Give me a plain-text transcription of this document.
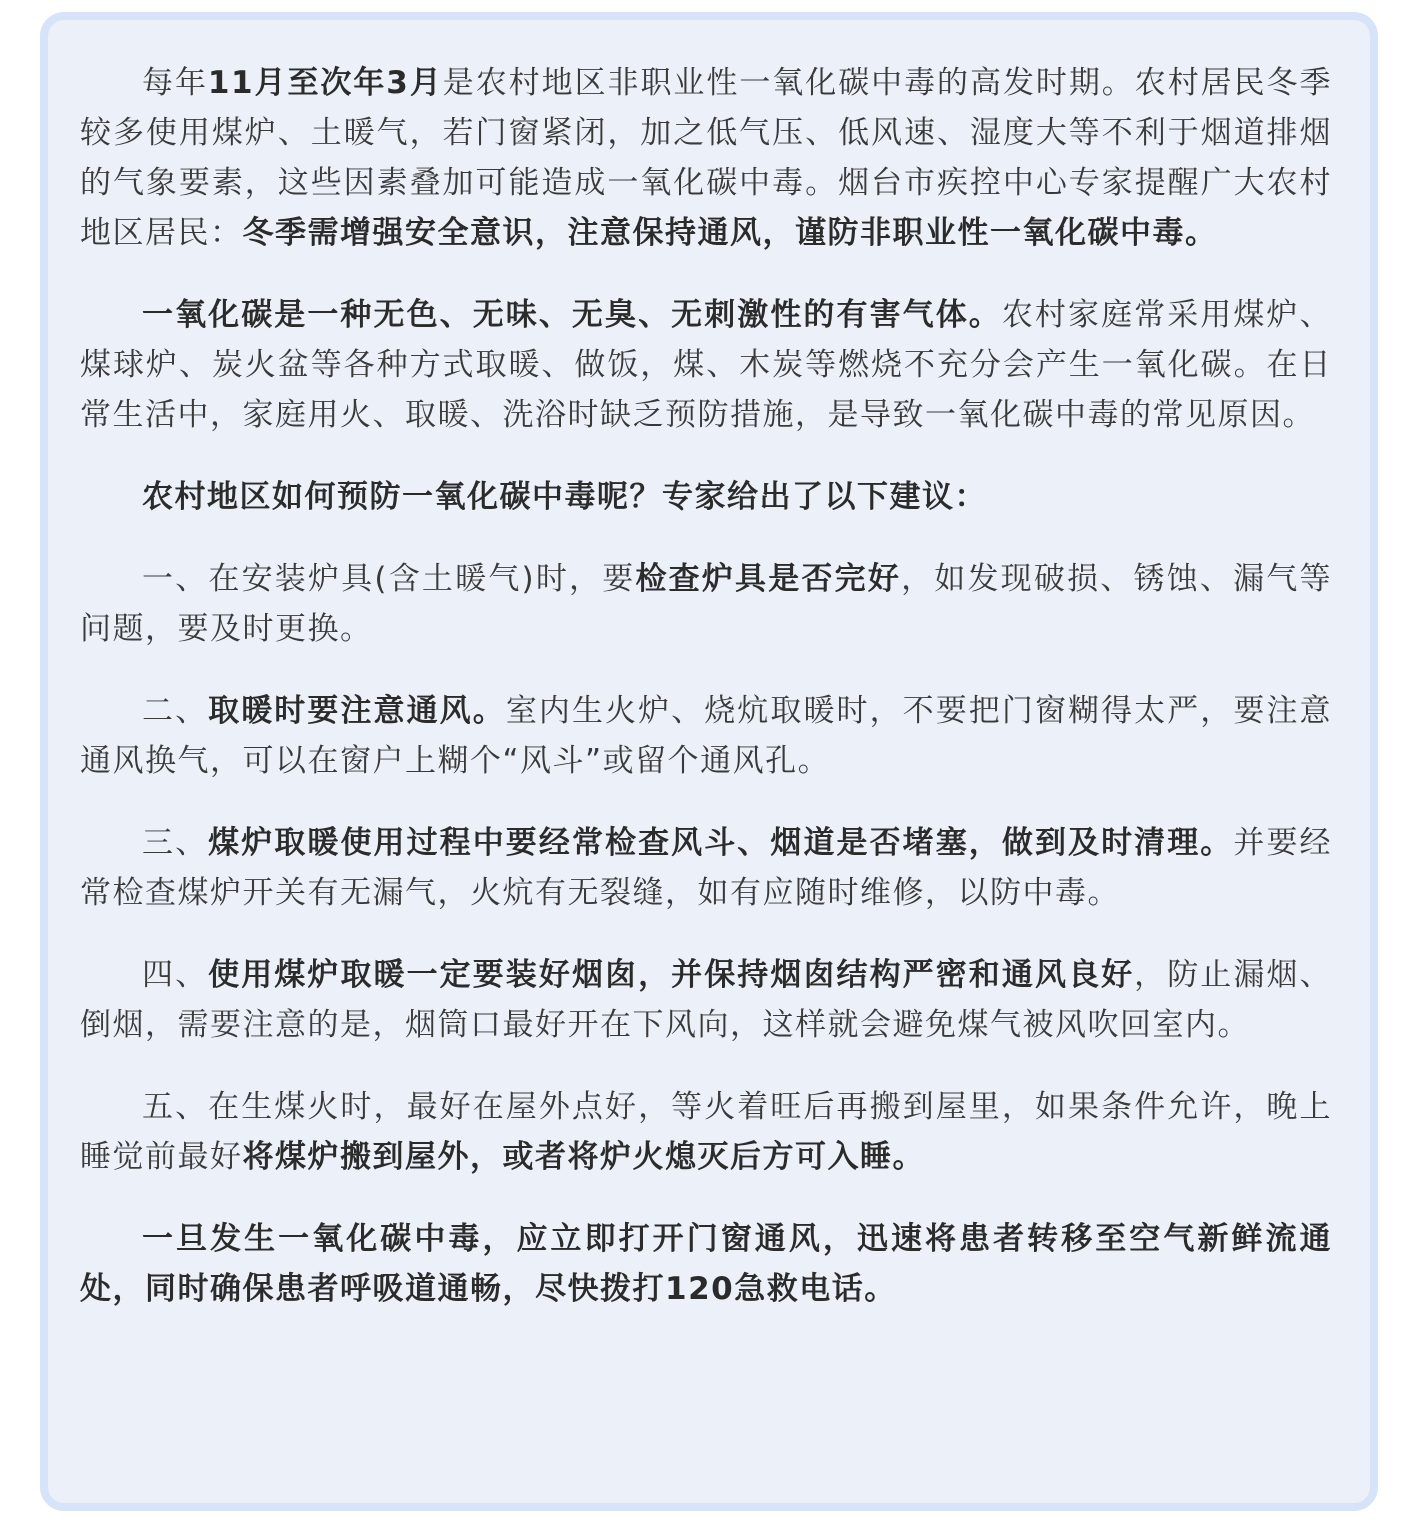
每年11月至次年3月是农村地区非职业性一氧化碳中毒的高发时期。农村居民冬季较多使用煤炉、土暖气，若门窗紧闭，加之低气压、低风速、湿度大等不利于烟道排烟的气象要素，这些因素叠加可能造成一氧化碳中毒。烟台市疾控中心专家提醒广大农村地区居民：冬季需增强安全意识，注意保持通风，谨防非职业性一氧化碳中毒。

一氧化碳是一种无色、无味、无臭、无刺激性的有害气体。农村家庭常采用煤炉、煤球炉、炭火盆等各种方式取暖、做饭，煤、木炭等燃烧不充分会产生一氧化碳。在日常生活中，家庭用火、取暖、洗浴时缺乏预防措施，是导致一氧化碳中毒的常见原因。

农村地区如何预防一氧化碳中毒呢？专家给出了以下建议：

一、在安装炉具(含土暖气)时，要检查炉具是否完好，如发现破损、锈蚀、漏气等问题，要及时更换。

二、取暖时要注意通风。室内生火炉、烧炕取暖时，不要把门窗糊得太严，要注意通风换气，可以在窗户上糊个“风斗”或留个通风孔。

三、煤炉取暖使用过程中要经常检查风斗、烟道是否堵塞，做到及时清理。并要经常检查煤炉开关有无漏气，火炕有无裂缝，如有应随时维修，以防中毒。

四、使用煤炉取暖一定要装好烟囱，并保持烟囱结构严密和通风良好，防止漏烟、倒烟，需要注意的是，烟筒口最好开在下风向，这样就会避免煤气被风吹回室内。

五、在生煤火时，最好在屋外点好，等火着旺后再搬到屋里，如果条件允许，晚上睡觉前最好将煤炉搬到屋外，或者将炉火熄灭后方可入睡。

一旦发生一氧化碳中毒，应立即打开门窗通风，迅速将患者转移至空气新鲜流通处，同时确保患者呼吸道通畅，尽快拨打120急救电话。
